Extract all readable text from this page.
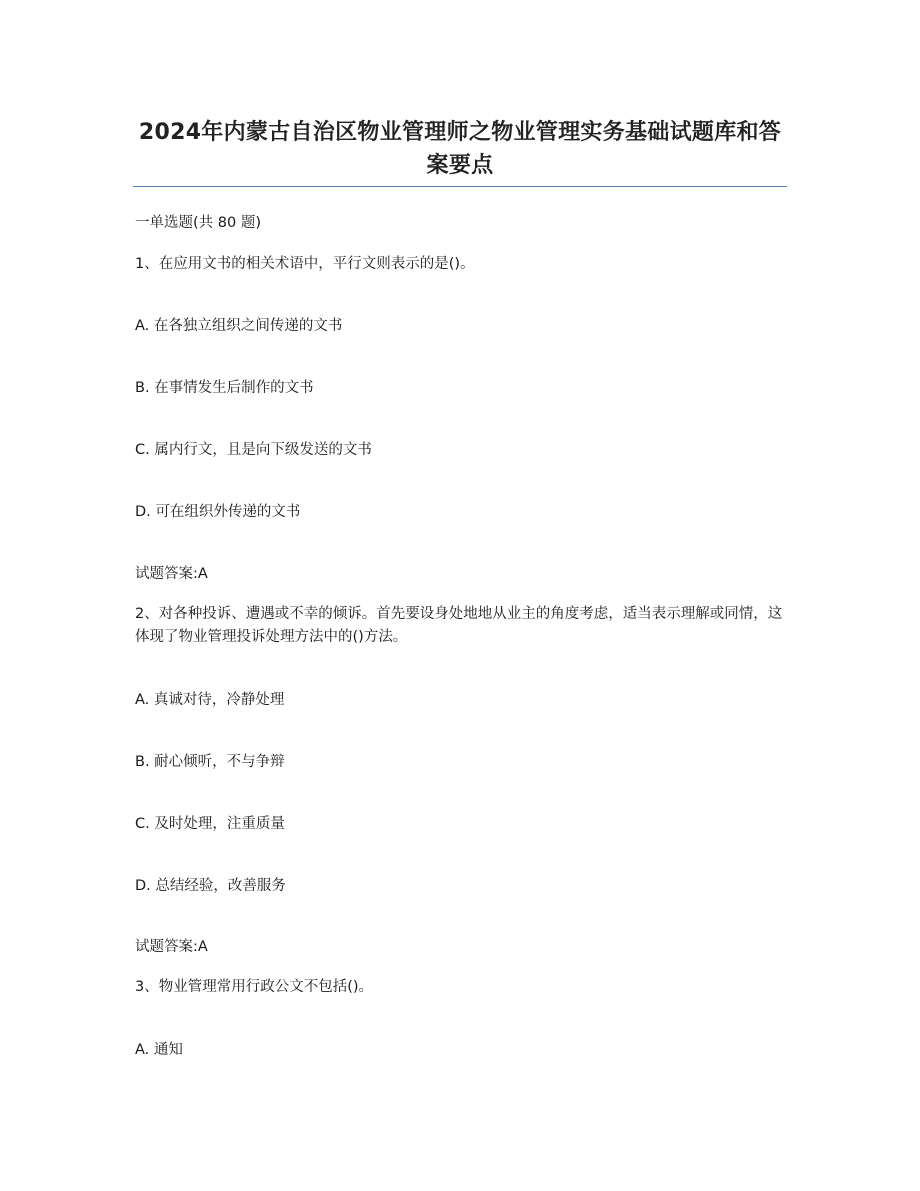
2024年内蒙古自治区物业管理师之物业管理实务基础试题库和答案要点
一单选题(共 80 题)
1、在应用文书的相关术语中，平行文则表示的是()。
A. 在各独立组织之间传递的文书
B. 在事情发生后制作的文书
C. 属内行文，且是向下级发送的文书
D. 可在组织外传递的文书
试题答案:A
2、对各种投诉、遭遇或不幸的倾诉。首先要设身处地地从业主的角度考虑，适当表示理解或同情，这体现了物业管理投诉处理方法中的()方法。
A. 真诚对待，冷静处理
B. 耐心倾听，不与争辩
C. 及时处理，注重质量
D. 总结经验，改善服务
试题答案:A
3、物业管理常用行政公文不包括()。
A. 通知
